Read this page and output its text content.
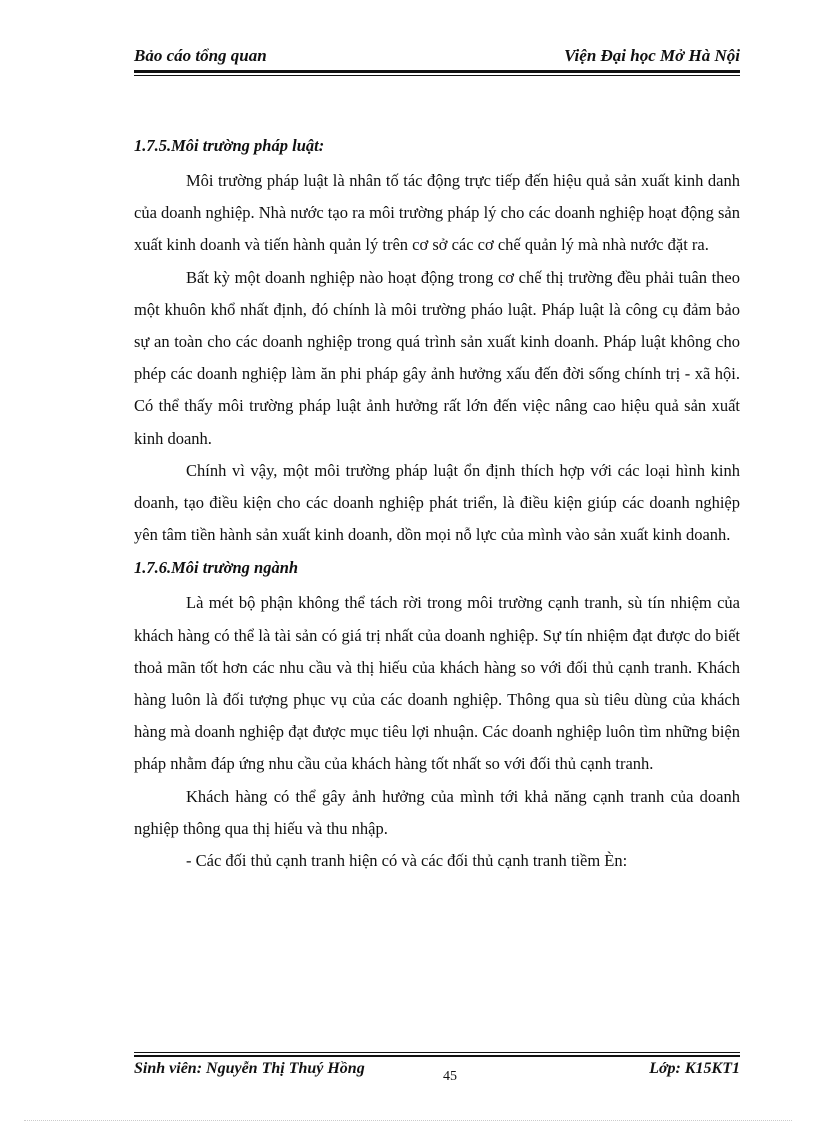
Bảo cáo tổng quan	Viện Đại học Mở Hà Nội

1.7.5.Môi trường pháp luật:

Môi trường pháp luật là nhân tố tác động trực tiếp đến hiệu quả sản xuất kinh danh của doanh nghiệp. Nhà nước tạo ra môi trường pháp lý cho các doanh nghiệp hoạt động sản xuất kinh doanh và tiến hành quản lý trên cơ sở các cơ chế quản lý mà nhà nước đặt ra.

Bất kỳ một doanh nghiệp nào hoạt động trong cơ chế thị trường đều phải tuân theo một khuôn khổ nhất định, đó chính là môi trường pháo luật. Pháp luật là công cụ đảm bảo sự an toàn cho các doanh nghiệp trong quá trình sản xuất kinh doanh. Pháp luật không cho phép các doanh nghiệp làm ăn phi pháp gây ảnh hưởng xấu đến đời sống chính trị - xã hội. Có thể thấy môi trường pháp luật ảnh hưởng rất lớn đến việc nâng cao hiệu quả sản xuất kinh doanh.

Chính vì vậy, một môi trường pháp luật ổn định thích hợp với các loại hình kinh doanh, tạo điều kiện cho các doanh nghiệp phát triển, là điều kiện giúp các doanh nghiệp yên tâm tiền hành sản xuất kinh doanh, dồn mọi nỗ lực của mình vào sản xuất kinh doanh.

1.7.6.Môi trường ngành

Là mét bộ phận không thể tách rời trong môi trường cạnh tranh, sù tín nhiệm của khách hàng có thể là tài sản có giá trị nhất của doanh nghiệp. Sự tín nhiệm đạt được do biết thoả mãn tốt hơn các nhu cầu và thị hiếu của khách hàng so với đối thủ cạnh tranh. Khách hàng luôn là đối tượng phục vụ của các doanh nghiệp. Thông qua sù tiêu dùng của khách hàng mà doanh nghiệp đạt được mục tiêu lợi nhuận. Các doanh nghiệp luôn tìm những biện pháp nhằm đáp ứng nhu cầu của khách hàng tốt nhất so với đối thủ cạnh tranh.

Khách hàng có thể gây ảnh hưởng của mình tới khả năng cạnh tranh của doanh nghiệp thông qua thị hiếu và thu nhập.

- Các đối thủ cạnh tranh hiện có và các đối thủ cạnh tranh tiềm Èn:

Sinh viên: Nguyễn Thị Thuý Hồng	45	Lớp: K15KT1
